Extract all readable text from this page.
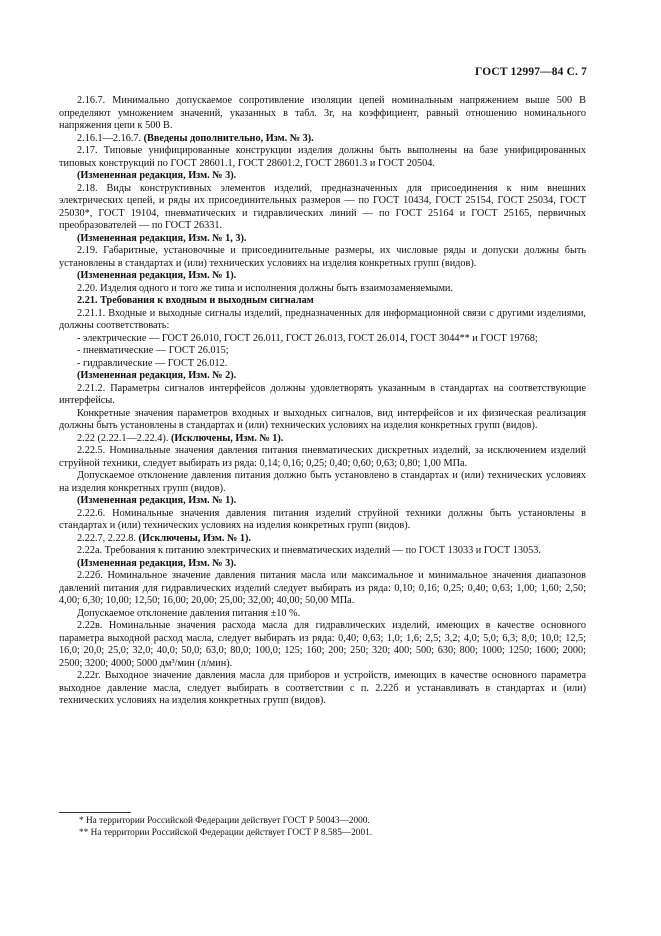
ГОСТ 12997—84 С. 7

2.16.7. Минимально допускаемое сопротивление изоляции цепей номинальным напряжением выше 500 В определяют умножением значений, указанных в табл. 3г, на коэффициент, равный отношению номинального напряжения цепи к 500 В.

2.16.1—2.16.7. (Введены дополнительно, Изм. № 3).

2.17. Типовые унифицированные конструкции изделия должны быть выполнены на базе унифицированных типовых конструкций по ГОСТ 28601.1, ГОСТ 28601.2, ГОСТ 28601.3 и ГОСТ 20504.

(Измененная редакция, Изм. № 3).

2.18. Виды конструктивных элементов изделий, предназначенных для присоединения к ним внешних электрических цепей, и ряды их присоединительных размеров — по ГОСТ 10434, ГОСТ 25154, ГОСТ 25034, ГОСТ 25030*, ГОСТ 19104, пневматических и гидравлических линий — по ГОСТ 25164 и ГОСТ 25165, первичных преобразователей — по ГОСТ 26331.

(Измененная редакция, Изм. № 1, 3).

2.19. Габаритные, установочные и присоединительные размеры, их числовые ряды и допуски должны быть установлены в стандартах и (или) технических условиях на изделия конкретных групп (видов).

(Измененная редакция, Изм. № 1).

2.20. Изделия одного и того же типа и исполнения должны быть взаимозаменяемыми.

2.21. Требования к входным и выходным сигналам

2.21.1. Входные и выходные сигналы изделий, предназначенных для информационной связи с другими изделиями, должны соответствовать:

- электрические — ГОСТ 26.010, ГОСТ 26.011, ГОСТ 26.013, ГОСТ 26.014, ГОСТ 3044** и ГОСТ 19768;

- пневматические — ГОСТ 26.015;

- гидравлические — ГОСТ 26.012.

(Измененная редакция, Изм. № 2).

2.21.2. Параметры сигналов интерфейсов должны удовлетворять указанным в стандартах на соответствующие интерфейсы.

Конкретные значения параметров входных и выходных сигналов, вид интерфейсов и их физическая реализация должны быть установлены в стандартах и (или) технических условиях на изделия конкретных групп (видов).

2.22 (2.22.1—2.22.4). (Исключены, Изм. № 1).

2.22.5. Номинальные значения давления питания пневматических дискретных изделий, за исключением изделий струйной техники, следует выбирать из ряда: 0,14; 0,16; 0,25; 0,40; 0,60; 0,63; 0,80; 1,00 МПа.

Допускаемое отклонение давления питания должно быть установлено в стандартах и (или) технических условиях на изделия конкретных групп (видов).

(Измененная редакция, Изм. № 1).

2.22.6. Номинальные значения давления питания изделий струйной техники должны быть установлены в стандартах и (или) технических условиях на изделия конкретных групп (видов).

2.22.7, 2.22.8. (Исключены, Изм. № 1).

2.22а. Требования к питанию электрических и пневматических изделий — по ГОСТ 13033 и ГОСТ 13053.

(Измененная редакция, Изм. № 3).

2.22б. Номинальное значение давления питания масла или максимальное и минимальное значения диапазонов давлений питания для гидравлических изделий следует выбирать из ряда: 0,10; 0,16; 0,25; 0,40; 0,63; 1,00; 1,60; 2,50; 4,00; 6,30; 10,00; 12,50; 16,00; 20,00; 25,00; 32,00; 40,00; 50,00 МПа.

Допускаемое отклонение давления питания ±10 %.

2.22в. Номинальные значения расхода масла для гидравлических изделий, имеющих в качестве основного параметра выходной расход масла, следует выбирать из ряда: 0,40; 0,63; 1,0; 1,6; 2,5; 3,2; 4,0; 5,0; 6,3; 8,0; 10,0; 12,5; 16,0; 20,0; 25,0; 32,0; 40,0; 50,0; 63,0; 80,0; 100,0; 125; 160; 200; 250; 320; 400; 500; 630; 800; 1000; 1250; 1600; 2000; 2500; 3200; 4000; 5000 дм³/мин (л/мин).

2.22г. Выходное значение давления масла для приборов и устройств, имеющих в качестве основного параметра выходное давление масла, следует выбирать в соответствии с п. 2.22б и устанавливать в стандартах и (или) технических условиях на изделия конкретных групп (видов).

* На территории Российской Федерации действует ГОСТ Р 50043—2000.

** На территории Российской Федерации действует ГОСТ Р 8.585—2001.
